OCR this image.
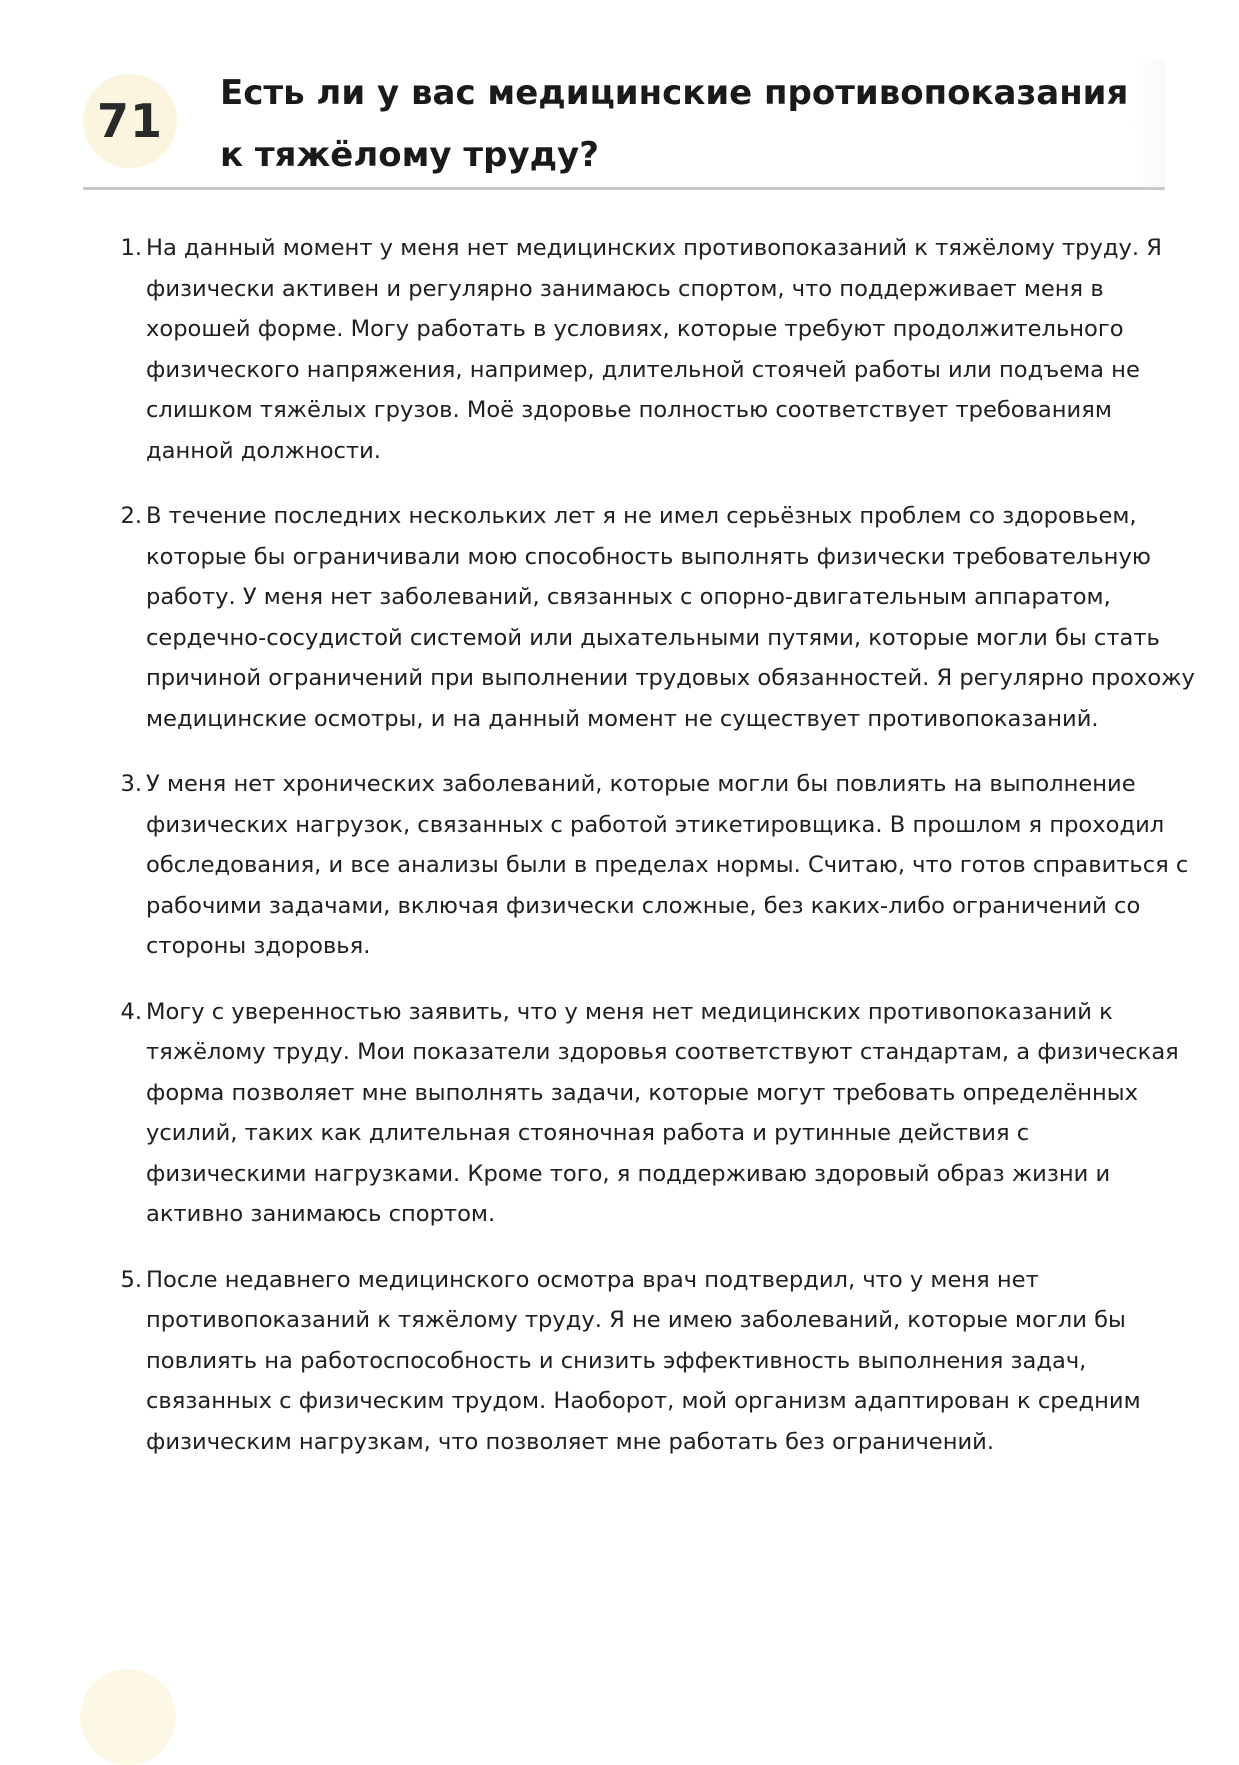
71
Есть ли у вас медицинские противопоказания к тяжёлому труду?
На данный момент у меня нет медицинских противопоказаний к тяжёлому труду. Я физически активен и регулярно занимаюсь спортом, что поддерживает меня в хорошей форме. Могу работать в условиях, которые требуют продолжительного физического напряжения, например, длительной стоячей работы или подъема не слишком тяжёлых грузов. Моё здоровье полностью соответствует требованиям данной должности.
В течение последних нескольких лет я не имел серьёзных проблем со здоровьем, которые бы ограничивали мою способность выполнять физически требовательную работу. У меня нет заболеваний, связанных с опорно-двигательным аппаратом, сердечно-сосудистой системой или дыхательными путями, которые могли бы стать причиной ограничений при выполнении трудовых обязанностей. Я регулярно прохожу медицинские осмотры, и на данный момент не существует противопоказаний.
У меня нет хронических заболеваний, которые могли бы повлиять на выполнение физических нагрузок, связанных с работой этикетировщика. В прошлом я проходил обследования, и все анализы были в пределах нормы. Считаю, что готов справиться с рабочими задачами, включая физически сложные, без каких-либо ограничений со стороны здоровья.
Могу с уверенностью заявить, что у меня нет медицинских противопоказаний к тяжёлому труду. Мои показатели здоровья соответствуют стандартам, а физическая форма позволяет мне выполнять задачи, которые могут требовать определённых усилий, таких как длительная стояночная работа и рутинные действия с физическими нагрузками. Кроме того, я поддерживаю здоровый образ жизни и активно занимаюсь спортом.
После недавнего медицинского осмотра врач подтвердил, что у меня нет противопоказаний к тяжёлому труду. Я не имею заболеваний, которые могли бы повлиять на работоспособность и снизить эффективность выполнения задач, связанных с физическим трудом. Наоборот, мой организм адаптирован к средним физическим нагрузкам, что позволяет мне работать без ограничений.
